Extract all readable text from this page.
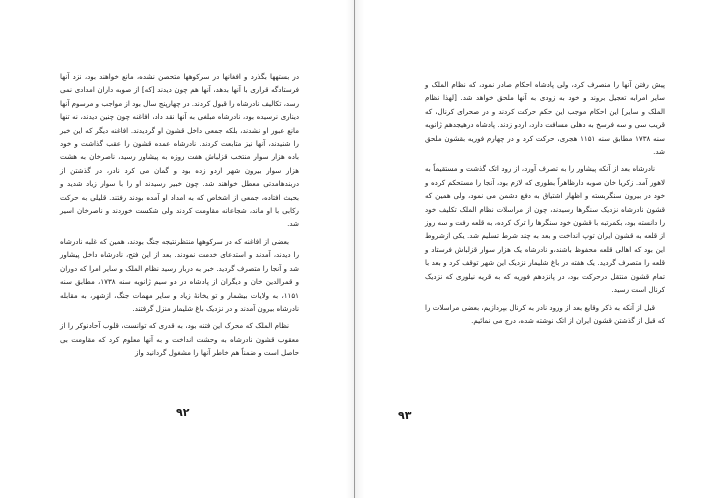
در بستهها بگذرد و افغانها در سرکوهها متحصن نشده، مانع خواهند بود، نزد آنها فرستادگه قراری با آنها بدهد، آنها هم چون دیدند [که] از صوبه داران امدادی نمی رسد، تکالیف نادرشاه را قبول کردند. در چهارپنج سال بود از مواجب و مرسوم آنها دیناری نرسیده بود، نادرشاه مبلغی به آنها نقد داد، افاغنه چون چنین دیدند، نه تنها مانع عبور او نشدند، بلکه جمعی داخل قشون او گردیدند. افاغنه دیگر که این خبر را شنیدند، آنها نیز متابعت کردند. نادرشاه عمده قشون را عقب گذاشت و خود باده هزار سوار منتخب قزلباش هفت روزه به پیشاور رسید، ناصرخان به هشت هزار سوار بیرون شهر اردو زده بود و گمان می کرد نادر، در گذشتن از دربندهامدتی معطل خواهند شد. چون خبیر رسیدند او را با سوار زیاد شدید و بحبث افتاده، جمعی از اشخاص که به امداد او آمده بودند رفتند. قلیلی به حرکت رکابی با او ماند، شجاعانه مقاومت کردند ولی شکست خوردند و ناصرخان اسیر شد.

بعضی از افاغنه که در سرکوهها منتظرنتیجه جنگ بودند، همین که غلبه نادرشاه را دیدند، آمدند و استدعای خدمت نمودند. بعد از این فتح، نادرشاه داخل پیشاور شد و آنجا را متصرف گردید. خبر به دربار رسید نظام الملک و سایر امرا که دوران و قمرالدین خان و دیگران از پادشاه در دو سیم ژانویه سنه ۱۷۳۸، مطابق سنه ۱۱۵۱، به ولایات بیشمار و تو یخانهٔ زیاد و سایر مهمات جنگ، ازشهر، به مقابله نادرشاه بیرون آمدند و در نزدیک باغ شلیمار منزل گرفتند.

نظام الملک که محرک این فتنه بود، به قدری که توانست، قلوب آحادنوکر را از معقوب قشون نادرشاه به وحشت انداخت و به آنها معلوم کرد که مقاومت بی حاصل است و ضمناً هم خاطر آنها را مشغول گردانید واز

۹۲

پیش رفتن آنها را منصرف کرد، ولی پادشاه احکام صادر نمود، که نظام الملک و سایر امرابه تعجیل بروند و خود به زودی به آنها ملحق خواهد شد. [لهذا نظام الملک و سایر] این احکام موجب این حکم حرکت کردند و در صحرای کرنال، که قریب سی و سه فرسخ به دهلی مسافت دارد، اردو زدند. پادشاه درهیجدهم ژانویه سنه ۱۷۳۸ مطابق سنه ۱۱۵۱ هجری، حرکت کرد و در چهارم فوریه بقشون ملحق شد.

نادرشاه بعد از آنکه پیشاور را به تصرف آورد، از رود اتک گذشت و مستقیماً به لاهور آمد. زکریا خان صوبه دارظاهراً بطوری که لازم بود، آنجا را مستحکم کرده و خود در بیرون سنگربسته و اظهار اشتیاق به دفع دشمن می نمود، ولی همین که قشون نادرشاه نزدیک سنگرها رسیدند، چون از مراسلات نظام الملک تکلیف خود را دانسته بود، بکمرتبه با قشون خود سنگرها را ترک کرده، به قلعه رفت و سه روز از قلعه به قشون ایران توپ انداخت و بعد به چند شرط تسلیم شد. یکی ازشروط این بود که اهالی قلعه محفوظ باشند،و نادرشاه یک هزار سوار قزلباش فرستاد و قلعه را متصرف گردید. یک هفته در باغ شلیمار نزدیک این شهر توقف کرد و بعد با تمام قشون منتقل درحرکت بود، در پانزدهم فوریه که به قریه نیلوری که نزدیک کرنال است رسید.

قبل از آنکه به ذکر وقایع بعد از ورود نادر به کرنال بپردازیم، بعضی مراسلات را که قبل از گذشتن قشون ایران از اتک نوشته شده، درج می نمائیم.

۹۳
